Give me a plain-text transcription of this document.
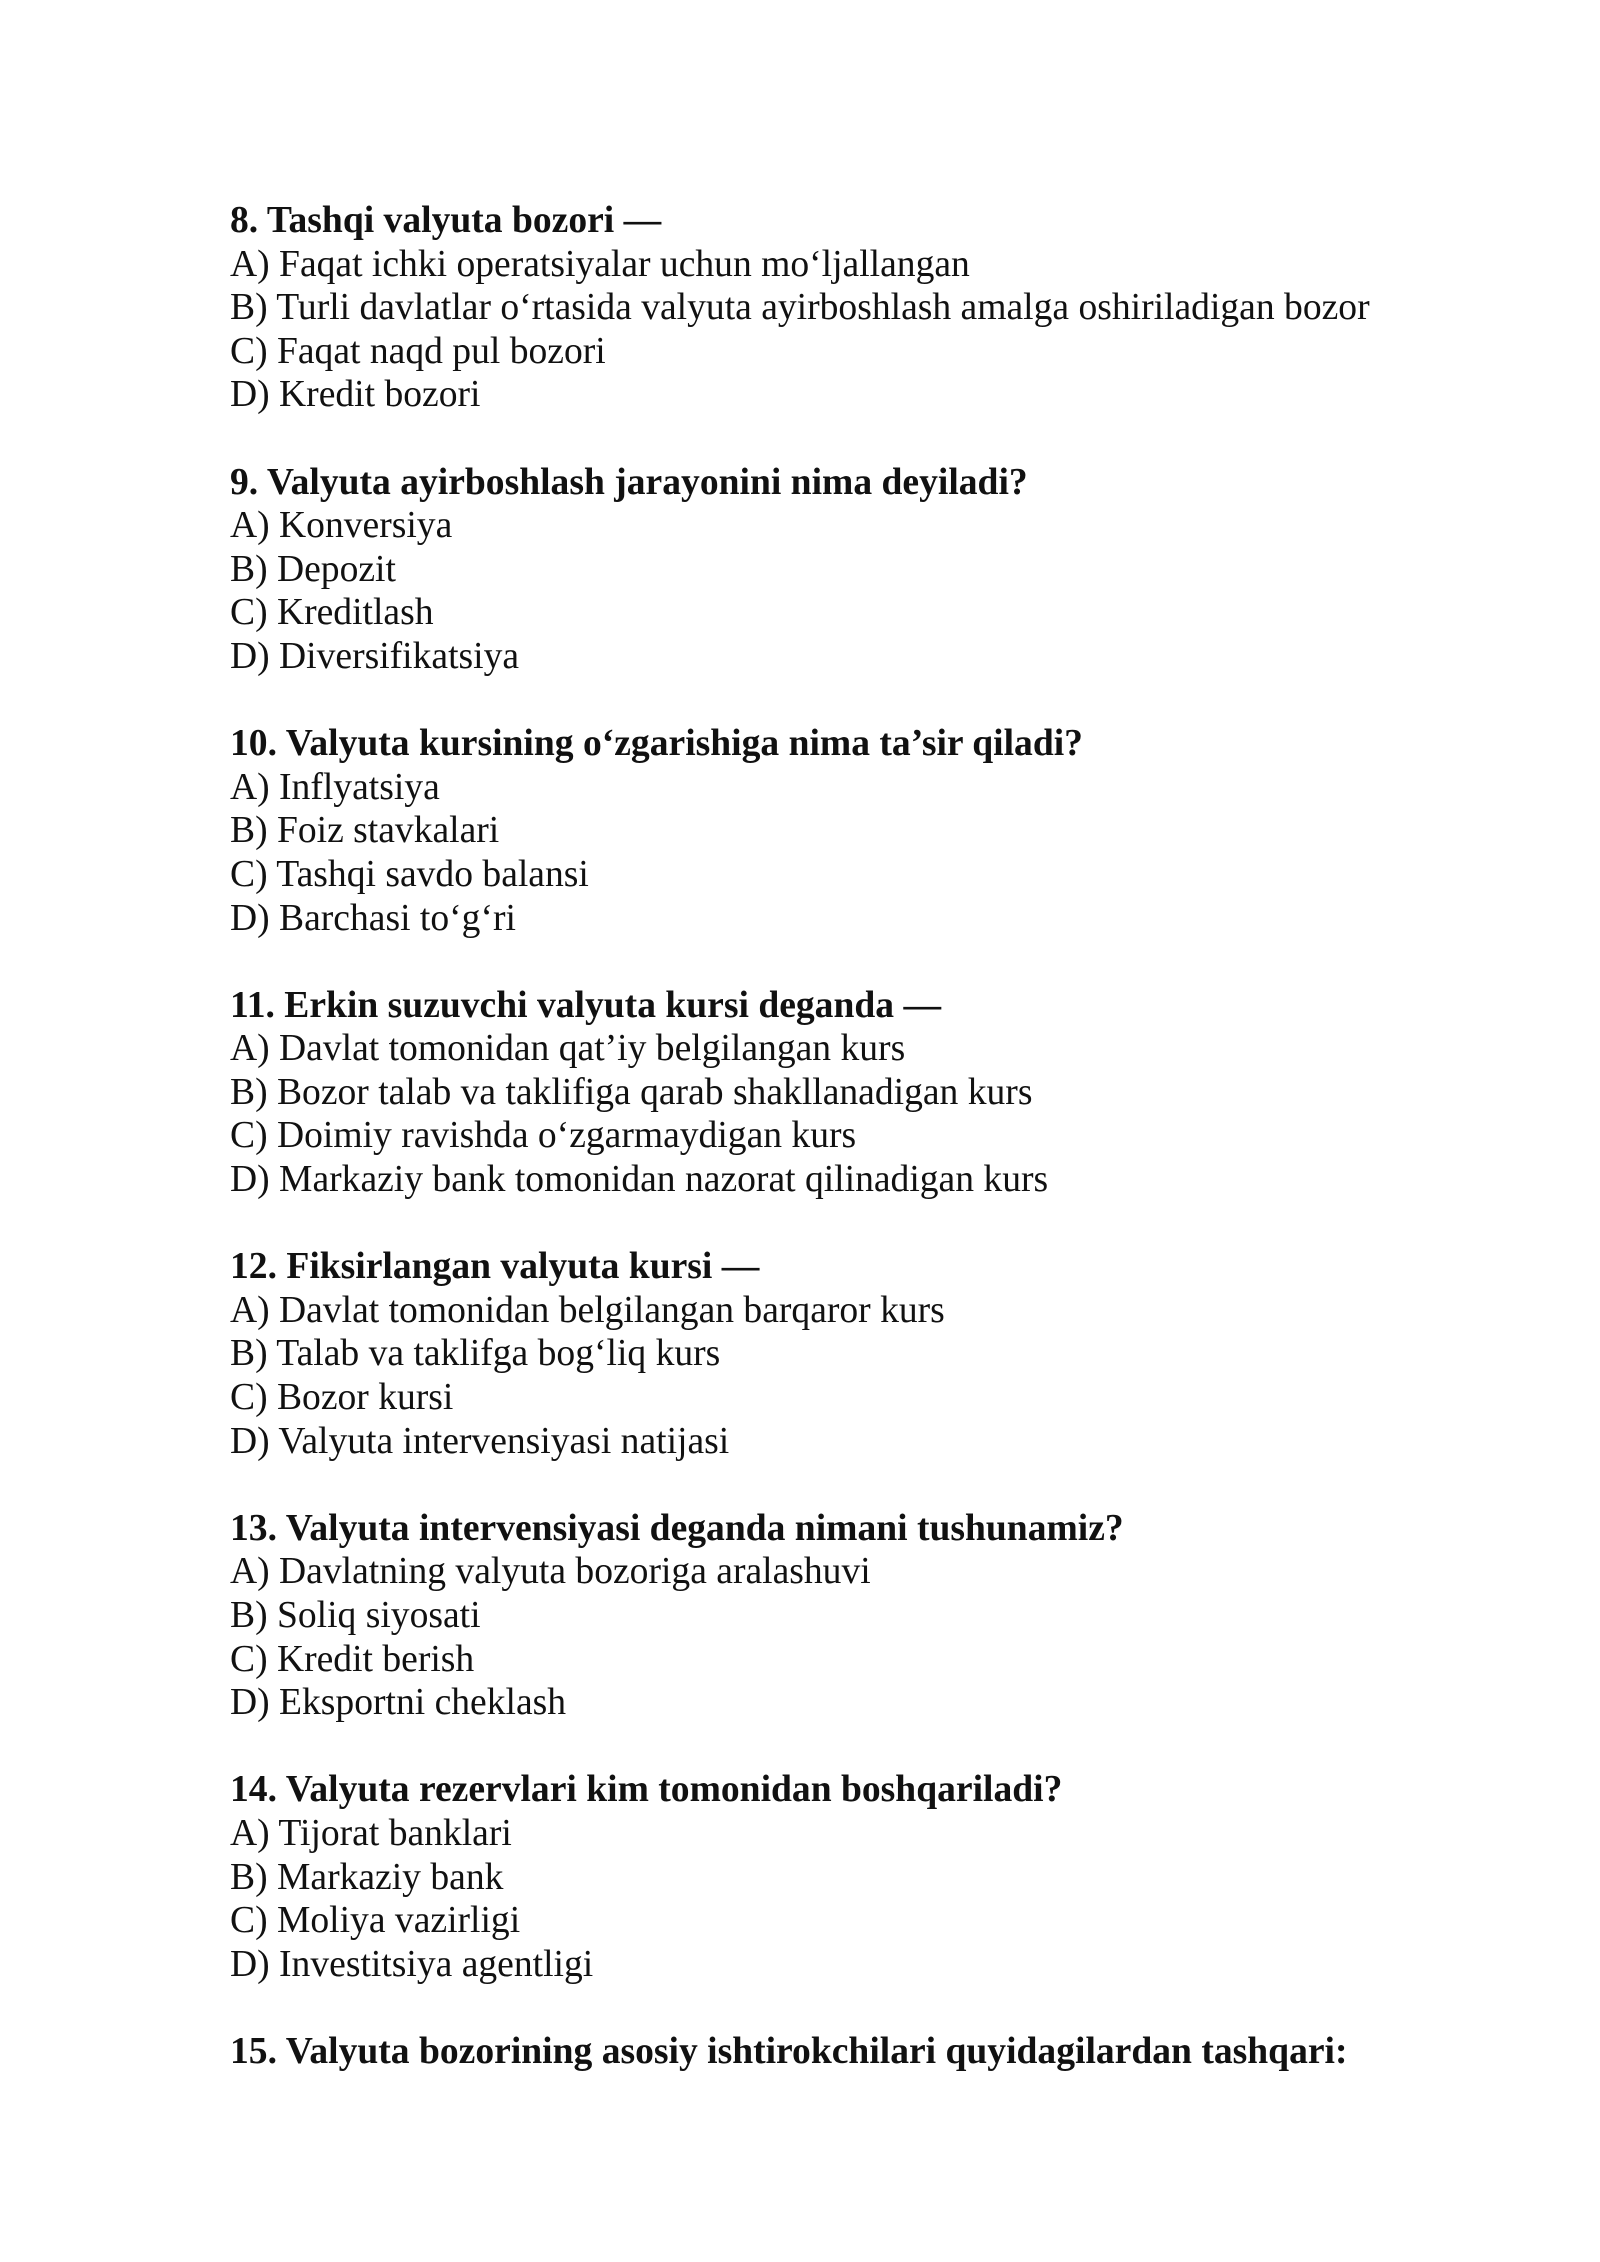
8. Tashqi valyuta bozori —
A) Faqat ichki operatsiyalar uchun mo‘ljallangan
B) Turli davlatlar o‘rtasida valyuta ayirboshlash amalga oshiriladigan bozor
C) Faqat naqd pul bozori
D) Kredit bozori
9. Valyuta ayirboshlash jarayonini nima deyiladi?
A) Konversiya
B) Depozit
C) Kreditlash
D) Diversifikatsiya
10. Valyuta kursining o‘zgarishiga nima ta’sir qiladi?
A) Inflyatsiya
B) Foiz stavkalari
C) Tashqi savdo balansi
D) Barchasi to‘g‘ri
11. Erkin suzuvchi valyuta kursi deganda —
A) Davlat tomonidan qat’iy belgilangan kurs
B) Bozor talab va taklifiga qarab shakllanadigan kurs
C) Doimiy ravishda o‘zgarmaydigan kurs
D) Markaziy bank tomonidan nazorat qilinadigan kurs
12. Fiksirlangan valyuta kursi —
A) Davlat tomonidan belgilangan barqaror kurs
B) Talab va taklifga bog‘liq kurs
C) Bozor kursi
D) Valyuta intervensiyasi natijasi
13. Valyuta intervensiyasi deganda nimani tushunamiz?
A) Davlatning valyuta bozoriga aralashuvi
B) Soliq siyosati
C) Kredit berish
D) Eksportni cheklash
14. Valyuta rezervlari kim tomonidan boshqariladi?
A) Tijorat banklari
B) Markaziy bank
C) Moliya vazirligi
D) Investitsiya agentligi
15. Valyuta bozorining asosiy ishtirokchilari quyidagilardan tashqari:
